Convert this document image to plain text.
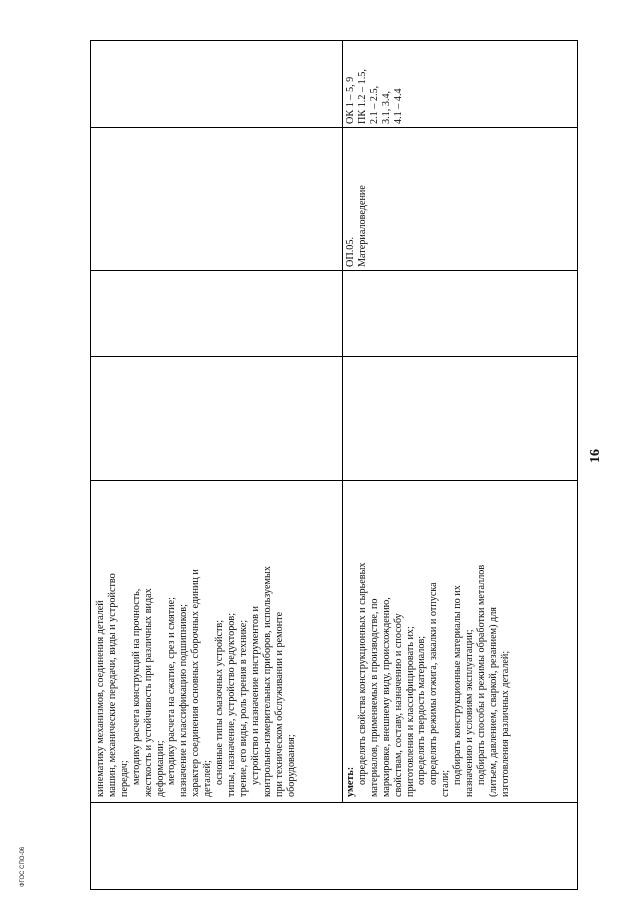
16
ФГОС СПО-06
кинематику механизмов, соединения деталей машин, механические передачи, виды и устройство передач; методику расчета конструкций на прочность, жесткость и устойчивость при различных видах деформации; методику расчета на сжатие, срез и смятие; назначение и классификацию подшипников; характер соединения основных сборочных единиц и деталей; основные типы смазочных устройств; типы, назначение, устройство редукторов; трение, его виды, роль трения в технике; устройство и назначение инструментов и контрольно-измерительных приборов, используемых при техническом обслуживании и ремонте оборудования;	уметь: определять свойства конструкционных и сырьевых материалов, применяемых в производстве, по маркировке, внешнему виду, происхождению, свойствам, составу, назначению и способу приготовления и классифицировать их; определять твердость материалов; определять режимы отжига, закалки и отпуска стали; подбирать конструкционные материалы по их назначению и условиям эксплуатации; подбирать способы и режимы обработки металлов (литьем, давлением, сваркой, резанием) для изготовления различных деталей;
ОП.05. Материаловедение
ОК 1 – 5, 9 ПК 1.2 – 1.5, 2.1 – 2.5, 3.1, 3.4, 4.1 – 4.4
